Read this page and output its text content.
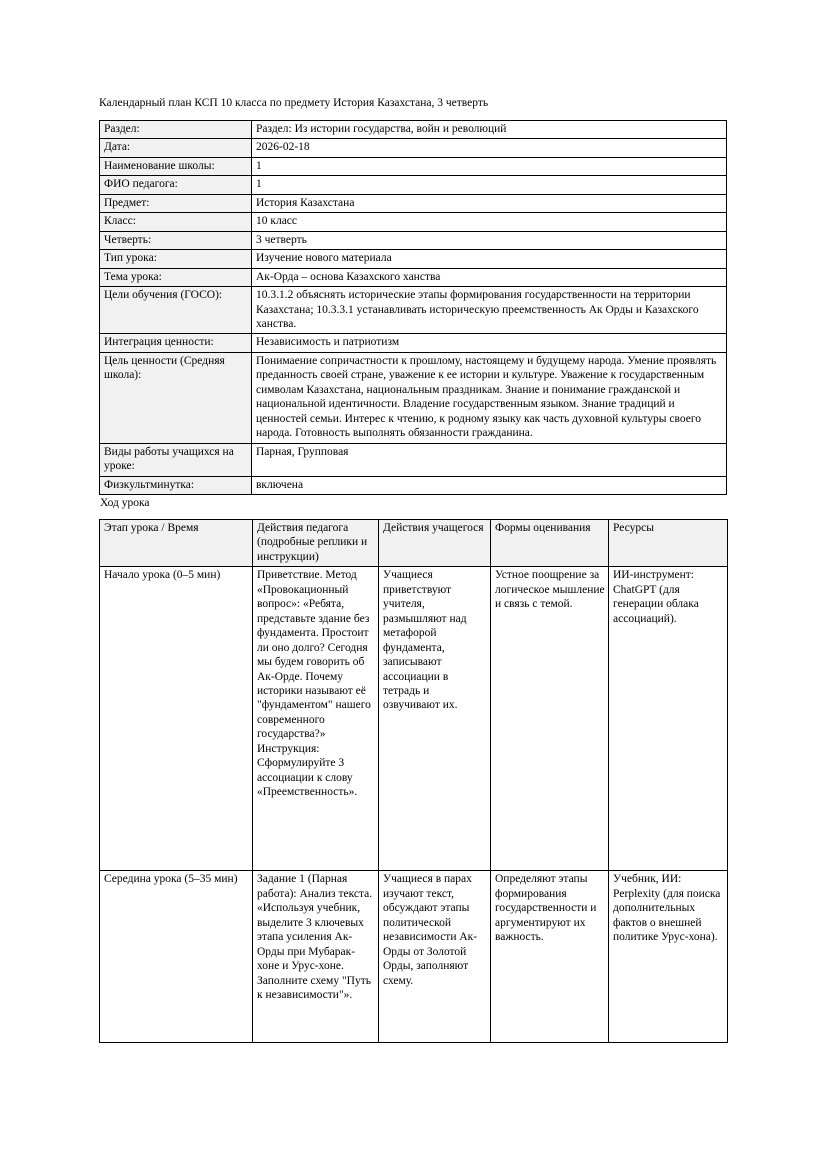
Календарный план КСП 10 класса по предмету История Казахстана, 3 четверть

Раздел:	Раздел: Из истории государства, войн и революций
Дата:	2026-02-18
Наименование школы:	1
ФИО педагога:	1
Предмет:	История Казахстана
Класс:	10 класс
Четверть:	3 четверть
Тип урока:	Изучение нового материала
Тема урока:	Ак-Орда – основа Казахского ханства
Цели обучения (ГОСО):	10.3.1.2 объяснять исторические этапы формирования государственности на территории Казахстана; 10.3.3.1 устанавливать историческую преемственность Ак Орды и Казахского ханства.
Интеграция ценности:	Независимость и патриотизм
Цель ценности (Средняя школа):	Понимаение сопричастности к прошлому, настоящему и будущему народа. Умение проявлять преданность своей стране, уважение к ее истории и культуре. Уважение к государственным символам Казахстана, национальным праздникам. Знание и понимание гражданской и национальной идентичности. Владение государственным языком. Знание традиций и ценностей семьи. Интерес к чтению, к родному языку как часть духовной культуры своего народа. Готовность выполнять обязанности гражданина.
Виды работы учащихся на уроке:	Парная, Групповая
Физкультминутка:	включена

Ход урока

Этап урока / Время	Действия педагога (подробные реплики и инструкции)	Действия учащегося	Формы оценивания	Ресурсы
Начало урока (0–5 мин)	Приветствие. Метод «Провокационный вопрос»: «Ребята, представьте здание без фундамента. Простоит ли оно долго? Сегодня мы будем говорить об Ак-Орде. Почему историки называют её "фундаментом" нашего современного государства?» Инструкция: Сформулируйте 3 ассоциации к слову «Преемственность».	Учащиеся приветствуют учителя, размышляют над метафорой фундамента, записывают ассоциации в тетрадь и озвучивают их.	Устное поощрение за логическое мышление и связь с темой.	ИИ-инструмент: ChatGPT (для генерации облака ассоциаций).
Середина урока (5–35 мин)	Задание 1 (Парная работа): Анализ текста. «Используя учебник, выделите 3 ключевых этапа усиления Ак-Орды при Мубарак-хоне и Урус-хоне. Заполните схему "Путь к независимости"».	Учащиеся в парах изучают текст, обсуждают этапы политической независимости Ак-Орды от Золотой Орды, заполняют схему.	Определяют этапы формирования государственности и аргументируют их важность.	Учебник, ИИ: Perplexity (для поиска дополнительных фактов о внешней политике Урус-хона).
